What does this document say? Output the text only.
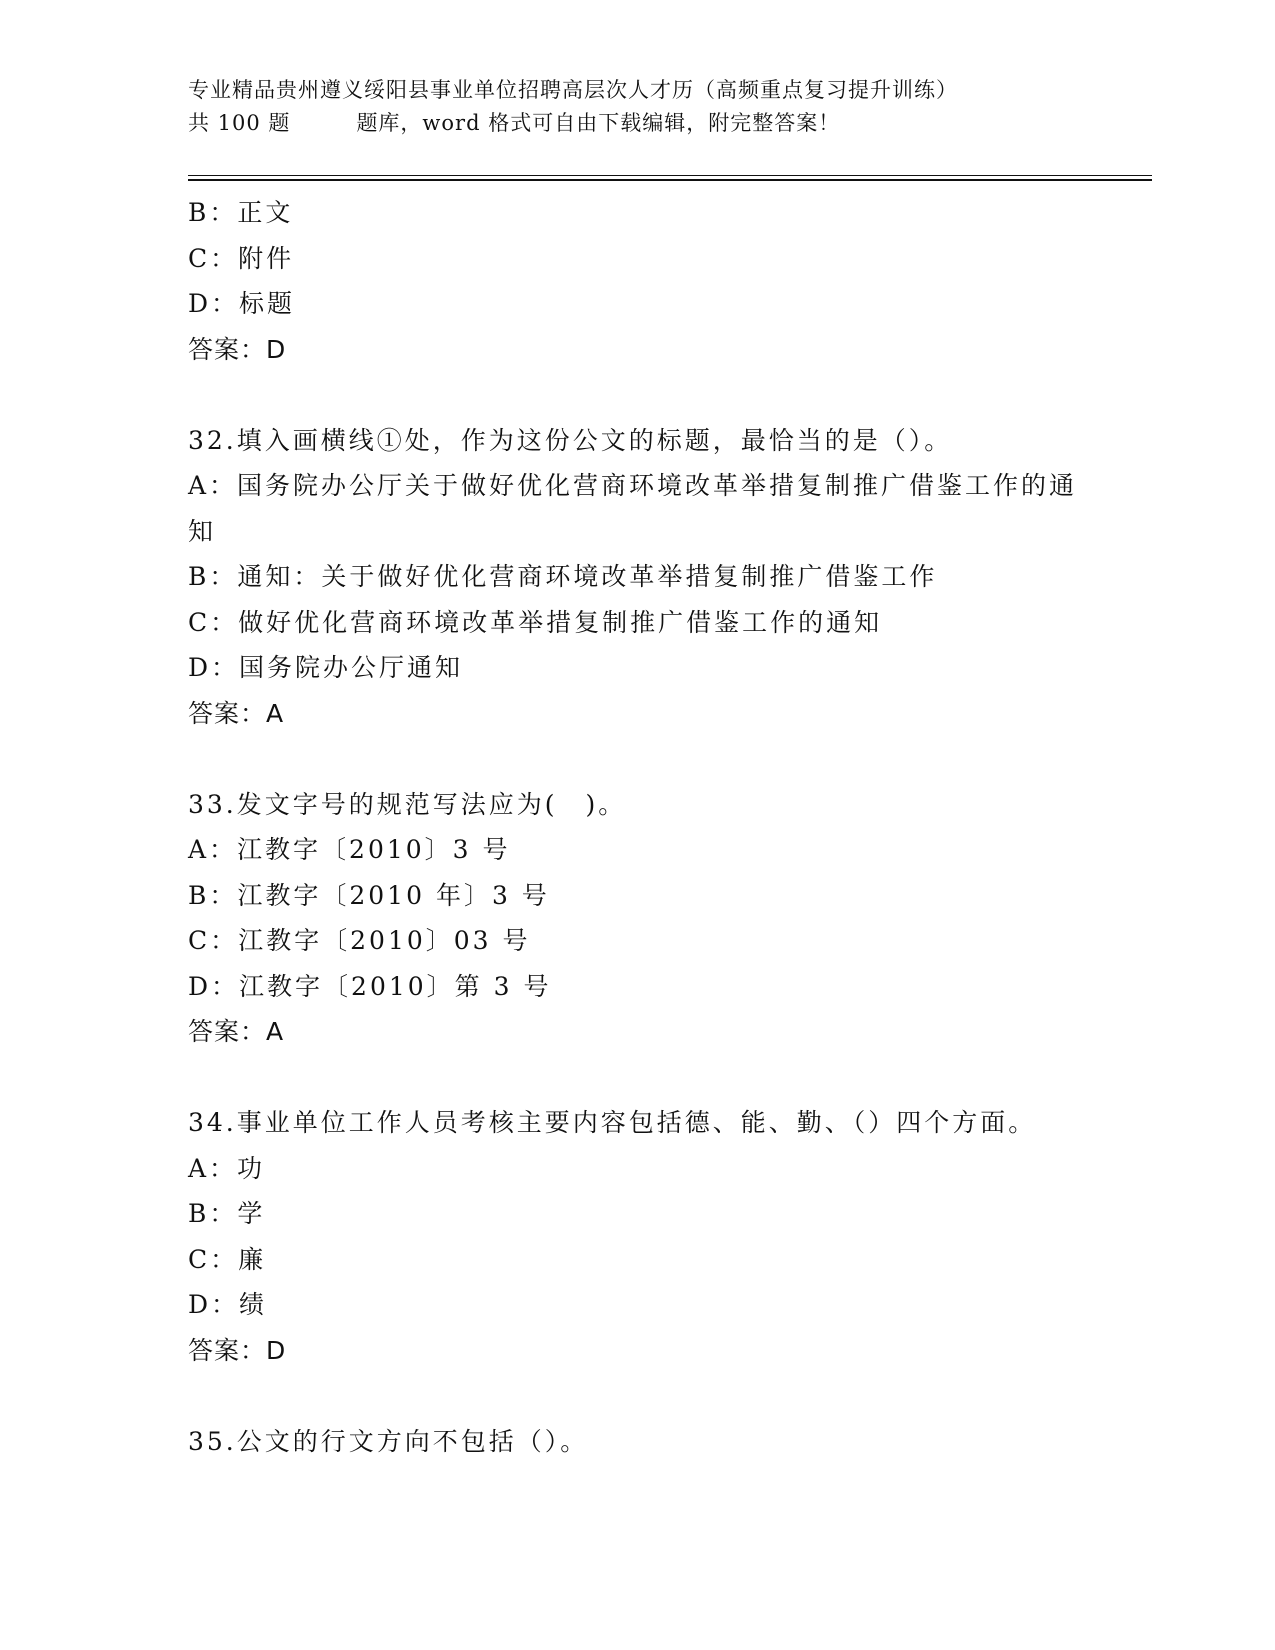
专业精品贵州遵义绥阳县事业单位招聘高层次人才历（高频重点复习提升训练）
共 100 题	题库，word 格式可自由下载编辑，附完整答案！
B：正文
C：附件
D：标题
答案：D
32.填入画横线①处，作为这份公文的标题，最恰当的是（）。
A：国务院办公厅关于做好优化营商环境改革举措复制推广借鉴工作的通知
B：通知：关于做好优化营商环境改革举措复制推广借鉴工作
C：做好优化营商环境改革举措复制推广借鉴工作的通知
D：国务院办公厅通知
答案：A
33.发文字号的规范写法应为(　)。
A：江教字〔2010〕3 号
B：江教字〔2010 年〕3 号
C：江教字〔2010〕03 号
D：江教字〔2010〕第 3 号
答案：A
34.事业单位工作人员考核主要内容包括德、能、勤、（）四个方面。
A：功
B：学
C：廉
D：绩
答案：D
35.公文的行文方向不包括（）。
